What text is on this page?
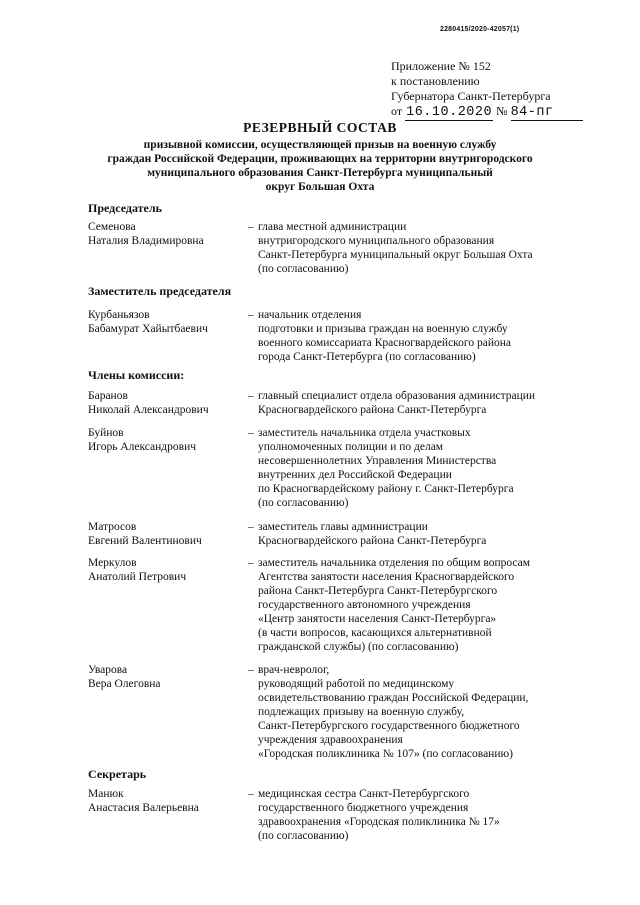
2280415/2020-42057(1)
Приложение № 152
к постановлению
Губернатора Санкт-Петербурга
от 16.10.2020 № 84-пг
РЕЗЕРВНЫЙ СОСТАВ
призывной комиссии, осуществляющей призыв на военную службу
граждан Российской Федерации, проживающих на территории внутригородского
муниципального образования Санкт-Петербурга муниципальный
округ Большая Охта
Председатель
Семенова
Наталия Владимировна
– глава местной администрации
внутригородского муниципального образования
Санкт-Петербурга муниципальный округ Большая Охта
(по согласованию)
Заместитель председателя
Курбаньязов
Бабамурат Хайытбаевич
– начальник отделения
подготовки и призыва граждан на военную службу
военного комиссариата Красногвардейского района
города Санкт-Петербурга (по согласованию)
Члены комиссии:
Баранов
Николай Александрович
– главный специалист отдела образования администрации
Красногвардейского района Санкт-Петербурга
Буйнов
Игорь Александрович
– заместитель начальника отдела участковых
уполномоченных полиции и по делам
несовершеннолетних Управления Министерства
внутренних дел Российской Федерации
по Красногвардейскому району г. Санкт-Петербурга
(по согласованию)
Матросов
Евгений Валентинович
– заместитель главы администрации
Красногвардейского района Санкт-Петербурга
Меркулов
Анатолий Петрович
– заместитель начальника отделения по общим вопросам
Агентства занятости населения Красногвардейского
района Санкт-Петербурга Санкт-Петербургского
государственного автономного учреждения
«Центр занятости населения Санкт-Петербурга»
(в части вопросов, касающихся альтернативной
гражданской службы) (по согласованию)
Уварова
Вера Олеговна
– врач-невролог,
руководящий работой по медицинскому
освидетельствованию граждан Российской Федерации,
подлежащих призыву на военную службу,
Санкт-Петербургского государственного бюджетного
учреждения здравоохранения
«Городская поликлиника № 107» (по согласованию)
Секретарь
Манюк
Анастасия Валерьевна
– медицинская сестра Санкт-Петербургского
государственного бюджетного учреждения
здравоохранения «Городская поликлиника № 17»
(по согласованию)
